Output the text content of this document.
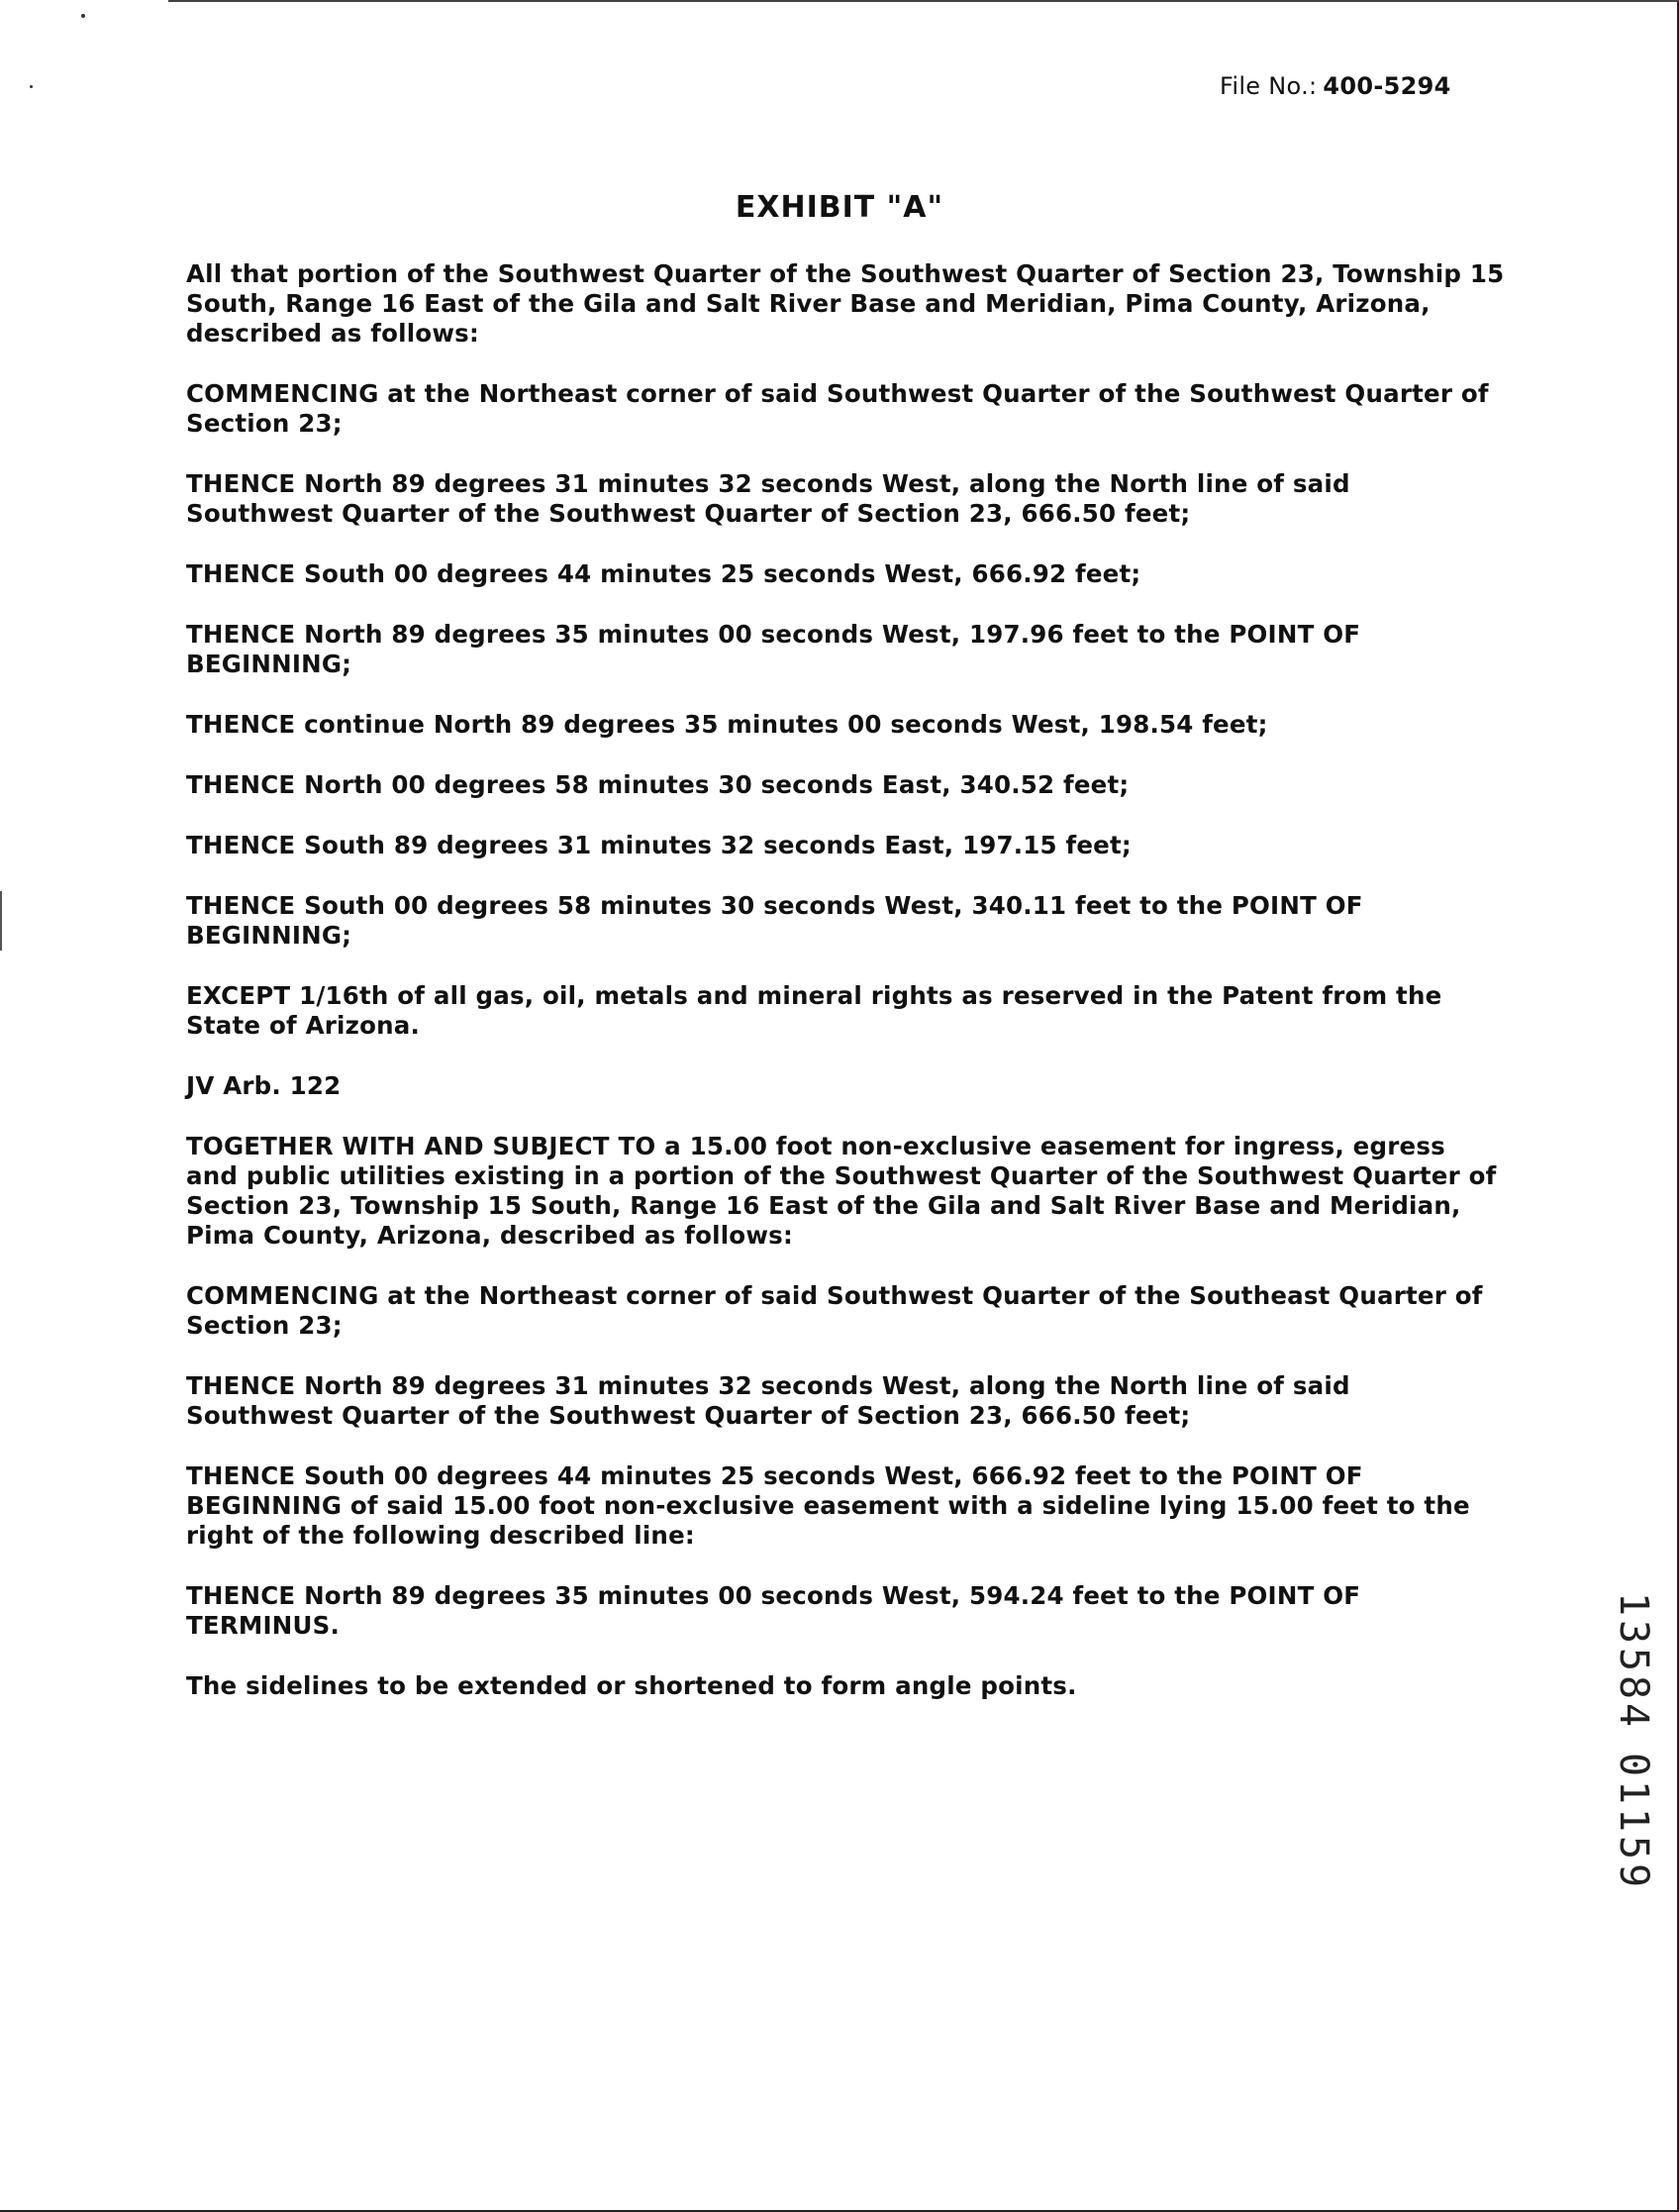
File No.: 400-5294
EXHIBIT "A"

All that portion of the Southwest Quarter of the Southwest Quarter of Section 23, Township 15 South, Range 16 East of the Gila and Salt River Base and Meridian, Pima County, Arizona, described as follows:

COMMENCING at the Northeast corner of said Southwest Quarter of the Southwest Quarter of Section 23;

THENCE North 89 degrees 31 minutes 32 seconds West, along the North line of said Southwest Quarter of the Southwest Quarter of Section 23, 666.50 feet;

THENCE South 00 degrees 44 minutes 25 seconds West, 666.92 feet;

THENCE North 89 degrees 35 minutes 00 seconds West, 197.96 feet to the POINT OF BEGINNING;

THENCE continue North 89 degrees 35 minutes 00 seconds West, 198.54 feet;

THENCE North 00 degrees 58 minutes 30 seconds East, 340.52 feet;

THENCE South 89 degrees 31 minutes 32 seconds East, 197.15 feet;

THENCE South 00 degrees 58 minutes 30 seconds West, 340.11 feet to the POINT OF BEGINNING;

EXCEPT 1/16th of all gas, oil, metals and mineral rights as reserved in the Patent from the State of Arizona.

JV Arb. 122

TOGETHER WITH AND SUBJECT TO a 15.00 foot non-exclusive easement for ingress, egress and public utilities existing in a portion of the Southwest Quarter of the Southwest Quarter of Section 23, Township 15 South, Range 16 East of the Gila and Salt River Base and Meridian, Pima County, Arizona, described as follows:

COMMENCING at the Northeast corner of said Southwest Quarter of the Southeast Quarter of Section 23;

THENCE North 89 degrees 31 minutes 32 seconds West, along the North line of said Southwest Quarter of the Southwest Quarter of Section 23, 666.50 feet;

THENCE South 00 degrees 44 minutes 25 seconds West, 666.92 feet to the POINT OF BEGINNING of said 15.00 foot non-exclusive easement with a sideline lying 15.00 feet to the right of the following described line:

THENCE North 89 degrees 35 minutes 00 seconds West, 594.24 feet to the POINT OF TERMINUS.

The sidelines to be extended or shortened to form angle points.

1
3
5
8
4
0
1
1
5
9
